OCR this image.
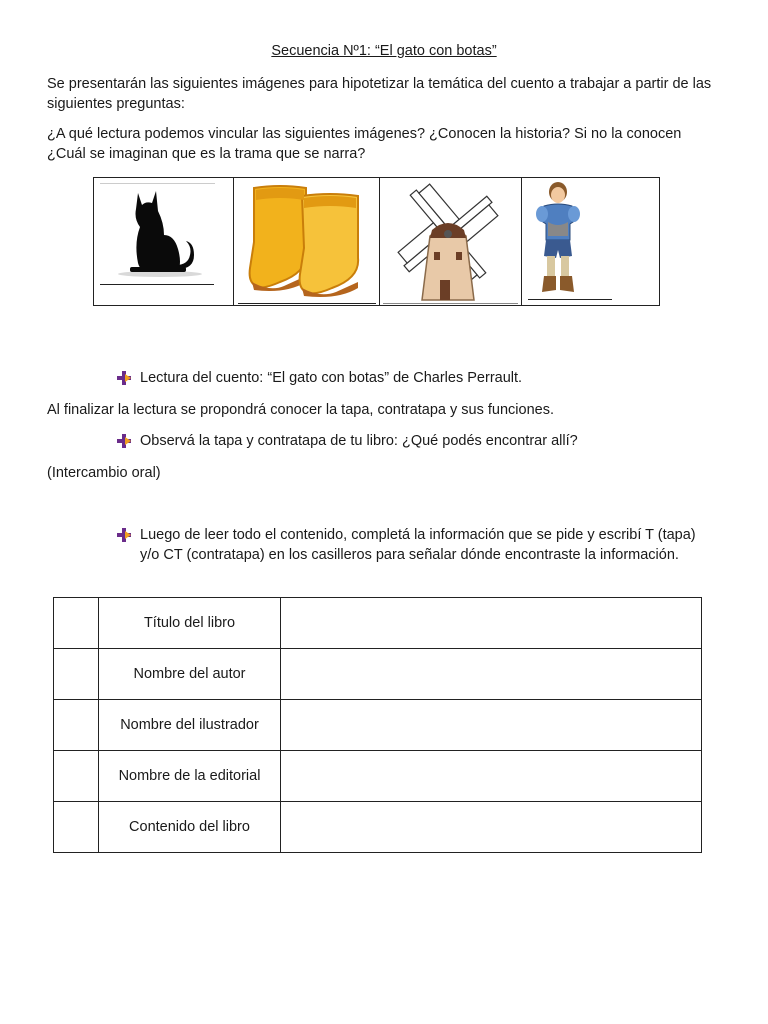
Secuencia Nº1: “El gato con botas”
Se presentarán las siguientes imágenes para hipotetizar la temática del cuento a trabajar a partir de las siguientes preguntas:
¿A qué lectura podemos vincular las siguientes imágenes? ¿Conocen la historia? Si no la conocen ¿Cuál se imaginan que es la trama que se narra?
Lectura del cuento: “El gato con botas” de Charles Perrault.
Al finalizar la lectura se propondrá conocer la tapa, contratapa y sus funciones.
Observá la tapa y contratapa de tu libro: ¿Qué podés encontrar allí?
(Intercambio oral)
Luego de leer todo el contenido, completá la información que se pide y escribí T (tapa) y/o CT (contratapa) en los casilleros para señalar dónde encontraste la información.
	Título del libro	
	Nombre del autor	
	Nombre del ilustrador	
	Nombre de la editorial	
	Contenido del libro	
